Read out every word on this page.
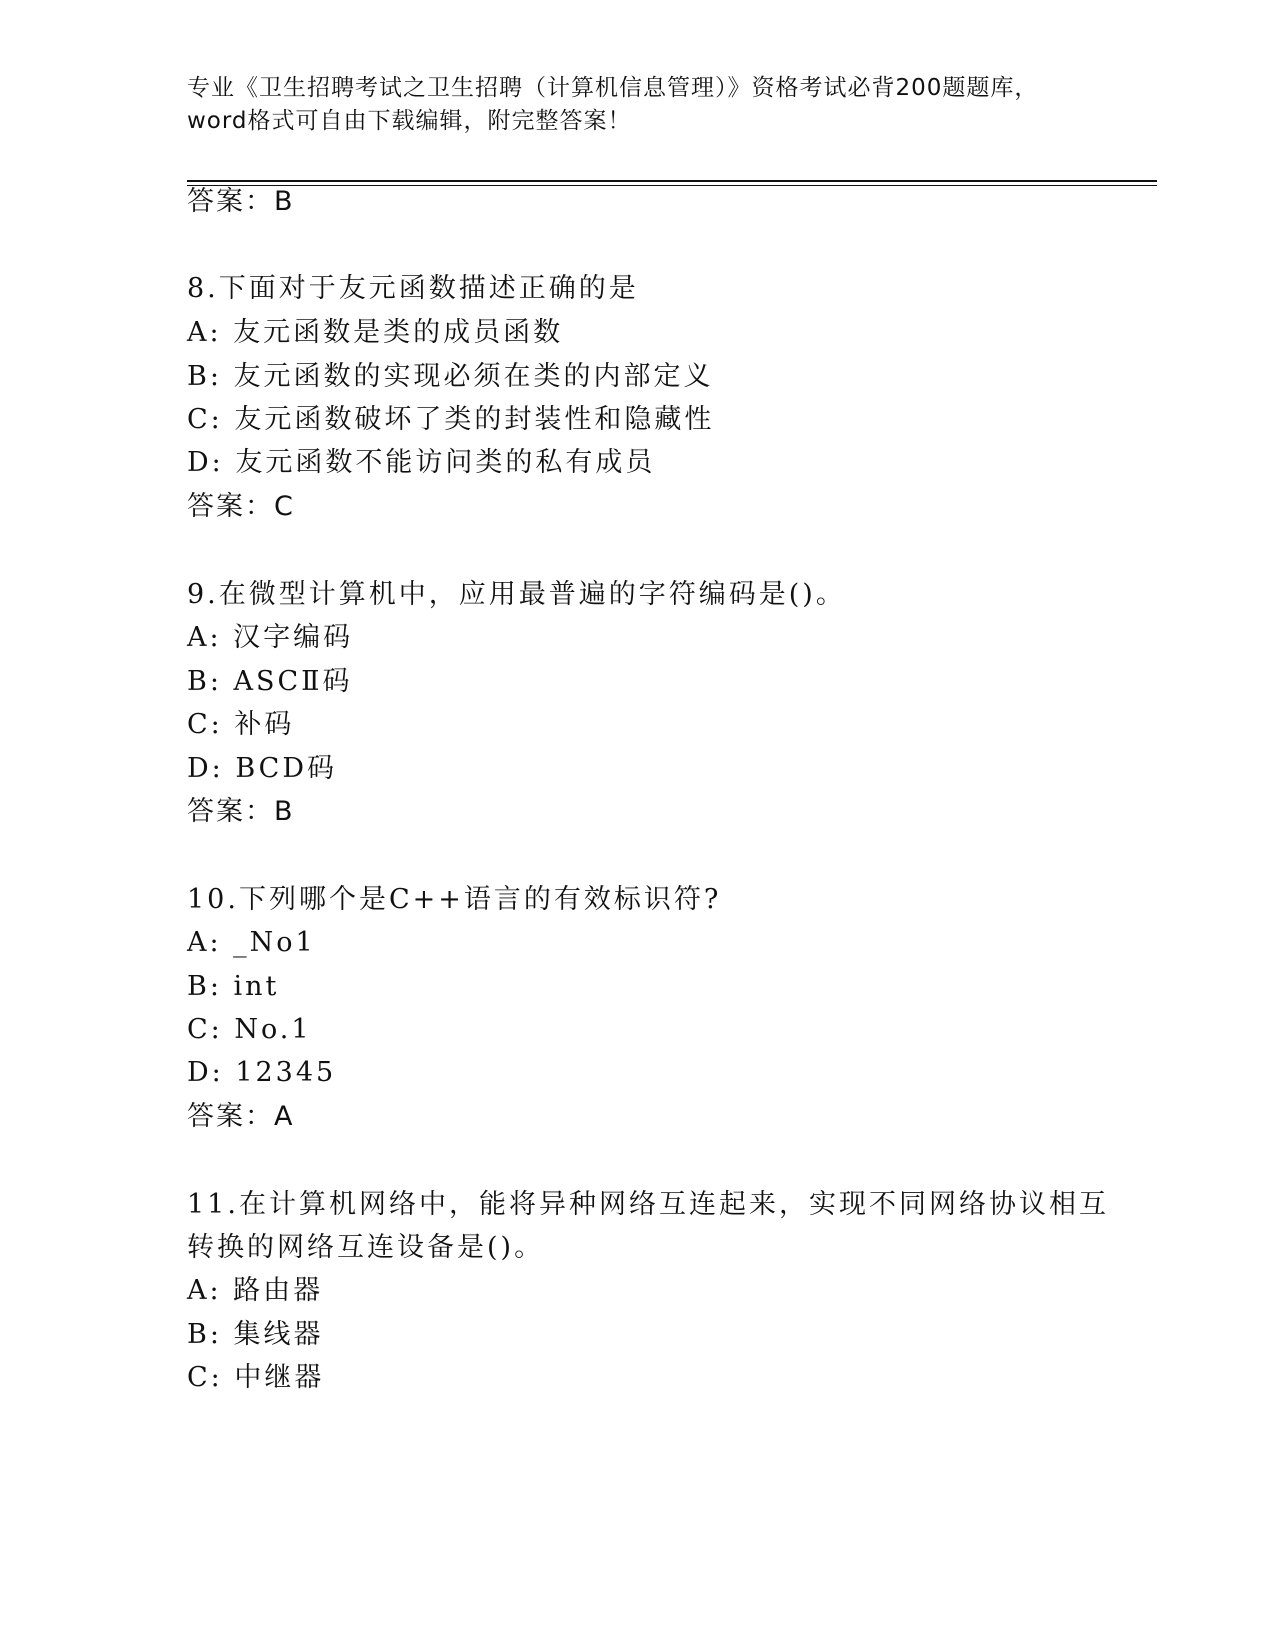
专业《卫生招聘考试之卫生招聘（计算机信息管理）》资格考试必背200题题库，
word格式可自由下载编辑，附完整答案！
答案：B
8.下面对于友元函数描述正确的是
A: 友元函数是类的成员函数
B: 友元函数的实现必须在类的内部定义
C: 友元函数破坏了类的封装性和隐藏性
D: 友元函数不能访问类的私有成员
答案：C
9.在微型计算机中，应用最普遍的字符编码是()。
A: 汉字编码
B: ASCⅡ码
C: 补码
D: BCD码
答案：B
10.下列哪个是C++语言的有效标识符?
A: _No1
B: int
C: No.1
D: 12345
答案：A
11.在计算机网络中，能将异种网络互连起来，实现不同网络协议相互
转换的网络互连设备是()。
A: 路由器
B: 集线器
C: 中继器
